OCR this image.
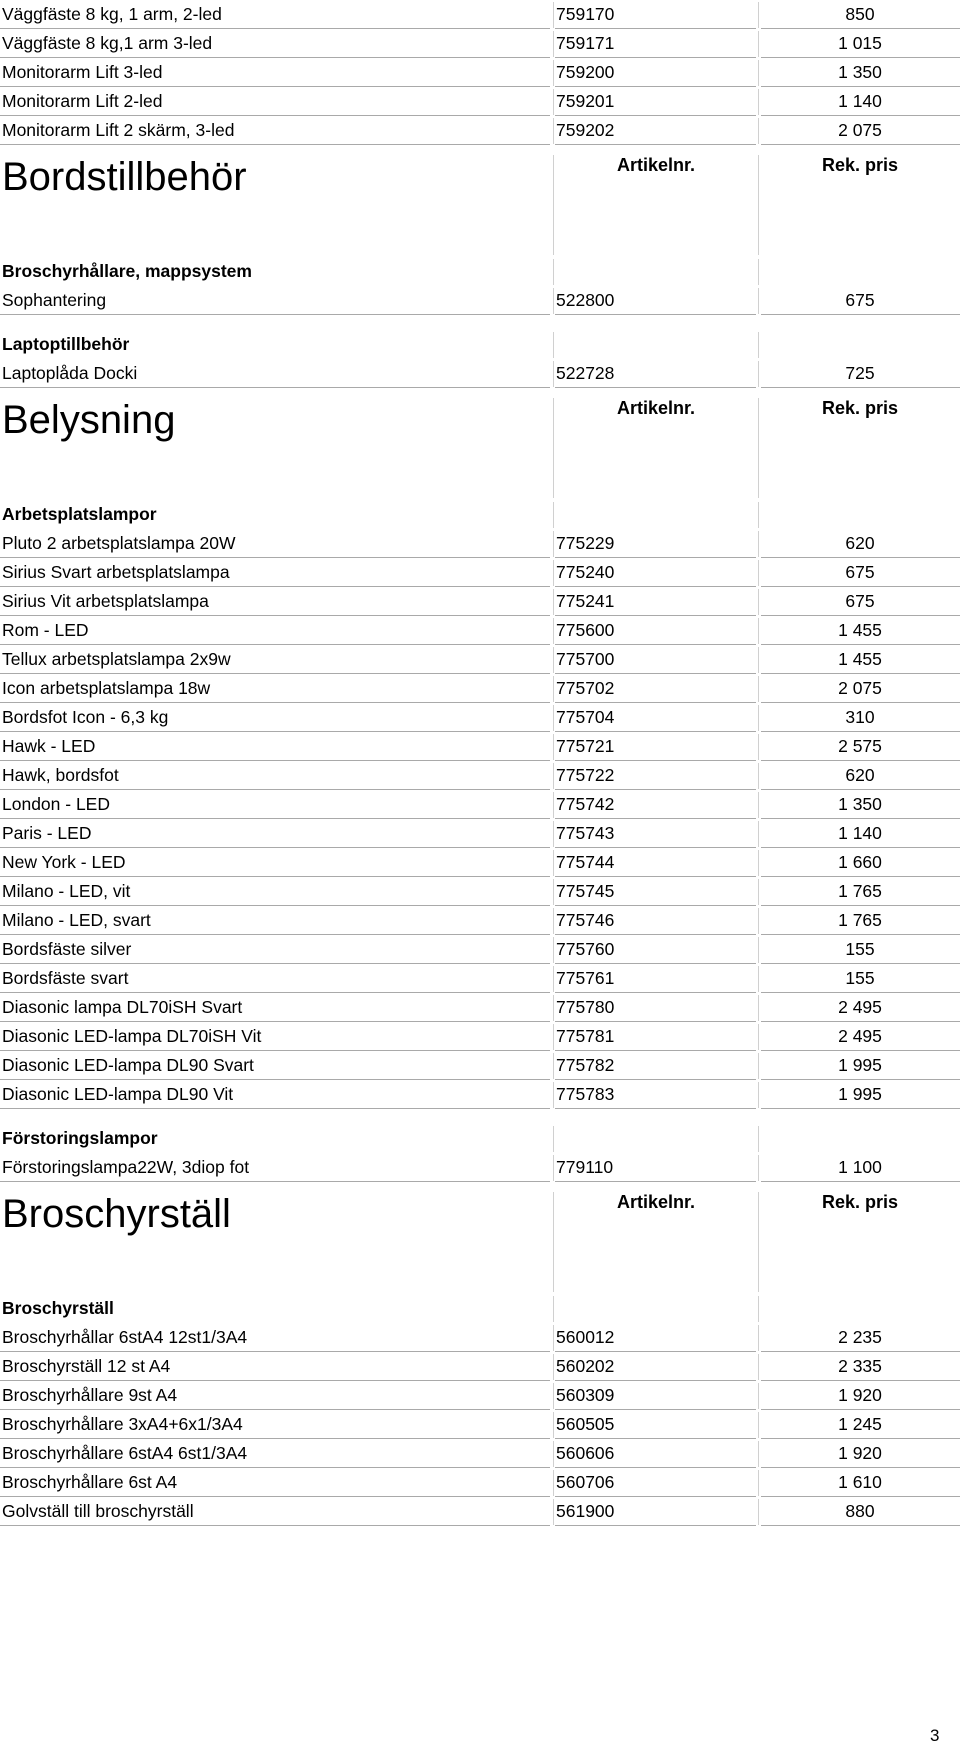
Väggfäste 8 kg, 1 arm, 2-led	759170	850
Väggfäste 8 kg,1 arm 3-led	759171	1 015
Monitorarm Lift 3-led	759200	1 350
Monitorarm Lift 2-led	759201	1 140
Monitorarm Lift 2 skärm, 3-led	759202	2 075
Bordstillbehör	Artikelnr.	Rek. pris
Broschyrhållare, mappsystem
Sophantering	522800	675
Laptoptillbehör
Laptoplåda Docki	522728	725
Belysning	Artikelnr.	Rek. pris
Arbetsplatslampor
Pluto 2 arbetsplatslampa 20W	775229	620
Sirius Svart arbetsplatslampa	775240	675
Sirius Vit arbetsplatslampa	775241	675
Rom - LED	775600	1 455
Tellux arbetsplatslampa 2x9w	775700	1 455
Icon arbetsplatslampa 18w	775702	2 075
Bordsfot Icon - 6,3 kg	775704	310
Hawk - LED	775721	2 575
Hawk, bordsfot	775722	620
London - LED	775742	1 350
Paris - LED	775743	1 140
New York - LED	775744	1 660
Milano - LED, vit	775745	1 765
Milano - LED, svart	775746	1 765
Bordsfäste silver	775760	155
Bordsfäste svart	775761	155
Diasonic lampa DL70iSH Svart	775780	2 495
Diasonic LED-lampa DL70iSH Vit	775781	2 495
Diasonic LED-lampa DL90 Svart	775782	1 995
Diasonic LED-lampa DL90 Vit	775783	1 995
Förstoringslampor
Förstoringslampa22W, 3diop fot	779110	1 100
Broschyrställ	Artikelnr.	Rek. pris
Broschyrställ
Broschyrhållar 6stA4 12st1/3A4	560012	2 235
Broschyrställ 12 st A4	560202	2 335
Broschyrhållare 9st A4	560309	1 920
Broschyrhållare 3xA4+6x1/3A4	560505	1 245
Broschyrhållare 6stA4 6st1/3A4	560606	1 920
Broschyrhållare 6st A4	560706	1 610
Golvställ till broschyrställ	561900	880
3
